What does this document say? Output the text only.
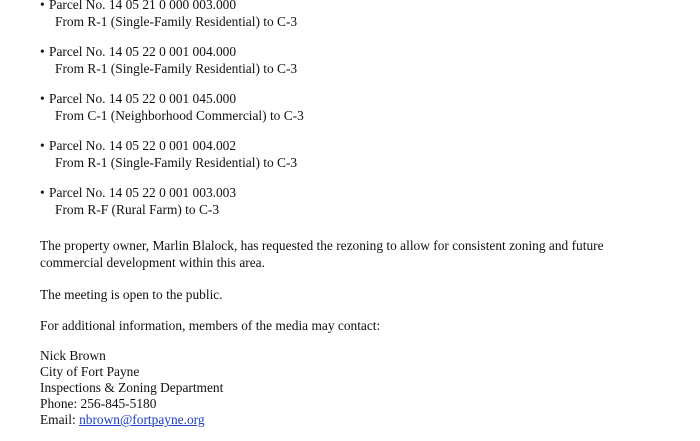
• Parcel No. 14 05 21 0 000 003.000
From R-1 (Single-Family Residential) to C-3
• Parcel No. 14 05 22 0 001 004.000
From R-1 (Single-Family Residential) to C-3
• Parcel No. 14 05 22 0 001 045.000
From C-1 (Neighborhood Commercial) to C-3
• Parcel No. 14 05 22 0 001 004.002
From R-1 (Single-Family Residential) to C-3
• Parcel No. 14 05 22 0 001 003.003
From R-F (Rural Farm) to C-3
The property owner, Marlin Blalock, has requested the rezoning to allow for consistent zoning and future commercial development within this area.
The meeting is open to the public.
For additional information, members of the media may contact:
Nick Brown
City of Fort Payne
Inspections & Zoning Department
Phone: 256-845-5180
Email: nbrown@fortpayne.org
